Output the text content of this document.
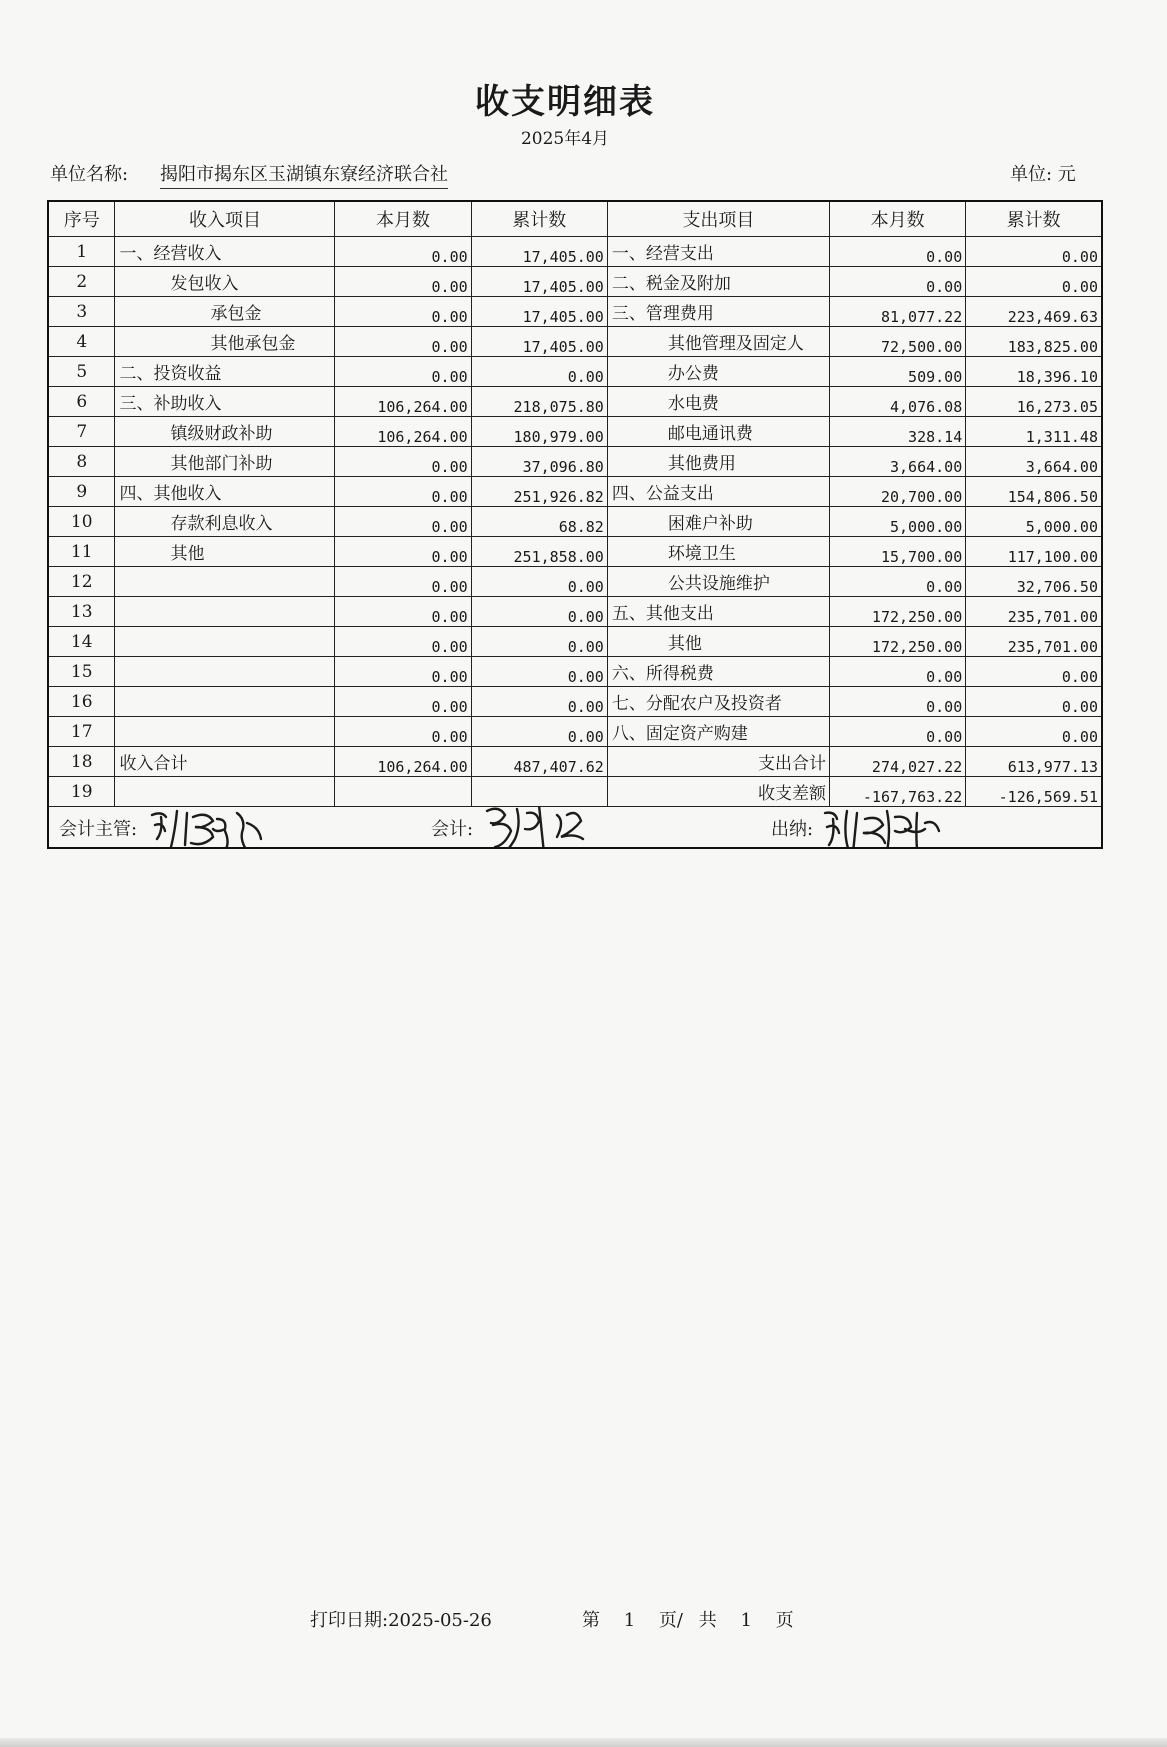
收支明细表
2025年4月
单位名称: 揭阳市揭东区玉湖镇东寮经济联合社	单位: 元
序号	收入项目	本月数	累计数	支出项目	本月数	累计数
1	一、经营收入	0.00	17,405.00	一、经营支出	0.00	0.00
2	发包收入	0.00	17,405.00	二、税金及附加	0.00	0.00
3	承包金	0.00	17,405.00	三、管理费用	81,077.22	223,469.63
4	其他承包金	0.00	17,405.00	其他管理及固定人	72,500.00	183,825.00
5	二、投资收益	0.00	0.00	办公费	509.00	18,396.10
6	三、补助收入	106,264.00	218,075.80	水电费	4,076.08	16,273.05
7	镇级财政补助	106,264.00	180,979.00	邮电通讯费	328.14	1,311.48
8	其他部门补助	0.00	37,096.80	其他费用	3,664.00	3,664.00
9	四、其他收入	0.00	251,926.82	四、公益支出	20,700.00	154,806.50
10	存款利息收入	0.00	68.82	困难户补助	5,000.00	5,000.00
11	其他	0.00	251,858.00	环境卫生	15,700.00	117,100.00
12		0.00	0.00	公共设施维护	0.00	32,706.50
13		0.00	0.00	五、其他支出	172,250.00	235,701.00
14		0.00	0.00	其他	172,250.00	235,701.00
15		0.00	0.00	六、所得税费	0.00	0.00
16		0.00	0.00	七、分配农户及投资者	0.00	0.00
17		0.00	0.00	八、固定资产购建	0.00	0.00
18	收入合计	106,264.00	487,407.62	支出合计	274,027.22	613,977.13
19				收支差额	-167,763.22	-126,569.51

会计主管: 会计: 出纳:						
打印日期:2025-05-26	第 1 页/ 共 1 页
